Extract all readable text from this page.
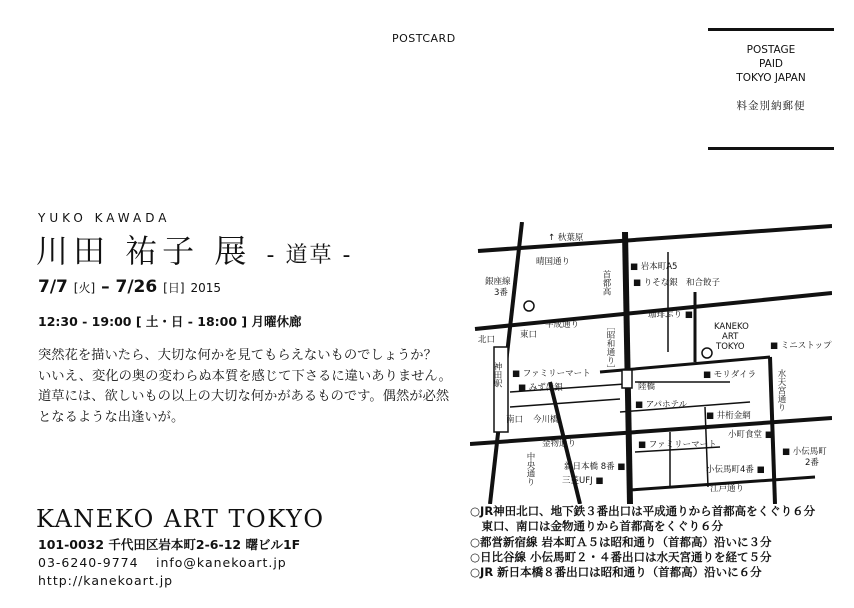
POSTCARD
POSTAGE
PAID
TOKYO JAPAN
料金別納郵便
YUKO KAWADA
川田 祐子 展 - 道草 -
7/7 [火] – 7/26 [日] 2015
12:30 - 19:00 [ 土・日 - 18:00 ] 月曜休廊

突然花を描いたら、大切な何かを見てもらえないものでしょうか？

いいえ、変化の奥の変わらぬ本質を感じて下さるに違いありません。

道草には、欲しいもの以上の大切な何かがあるものです。偶然が必然となるような出逢いが。

KANEKO ART TOKYO
101-0032 千代田区岩本町2-6-12 曙ビル1F
03-6240-9774 info@kanekoart.jp
http://kanekoart.jp
↑ 秋葉原
晴国通り	■ 岩本町A5
■ りそな銀 和合餃子
銀座線
3番	首都高
平成通り
珈琲ぷり ■
KANEKO
ART
TOKYO	■ ミニストップ
北口	東口
神田駅
［昭和通り］
■ ファミリーマート
■ みずほ銀	陸橋
■ モリダイラ 水天宮通り
南口 今川橋
■ アパホテル
■ 井桁金網
小町食堂 ■
金物通り	■ ファミリーマート
中央通り	新日本橋 8番 ■
三菱UFJ ■
小伝馬町4番 ■
■ 小伝馬町
2番
江戸通り
○JR神田北口、地下鉄３番出口は平成通りから首都高をくぐり６分
　東口、南口は金物通りから首都高をくぐり６分
○都営新宿線 岩本町Ａ５は昭和通り（首都高）沿いに３分
○日比谷線 小伝馬町２・４番出口は水天宮通りを経て５分
○JR 新日本橋８番出口は昭和通り（首都高）沿いに６分
